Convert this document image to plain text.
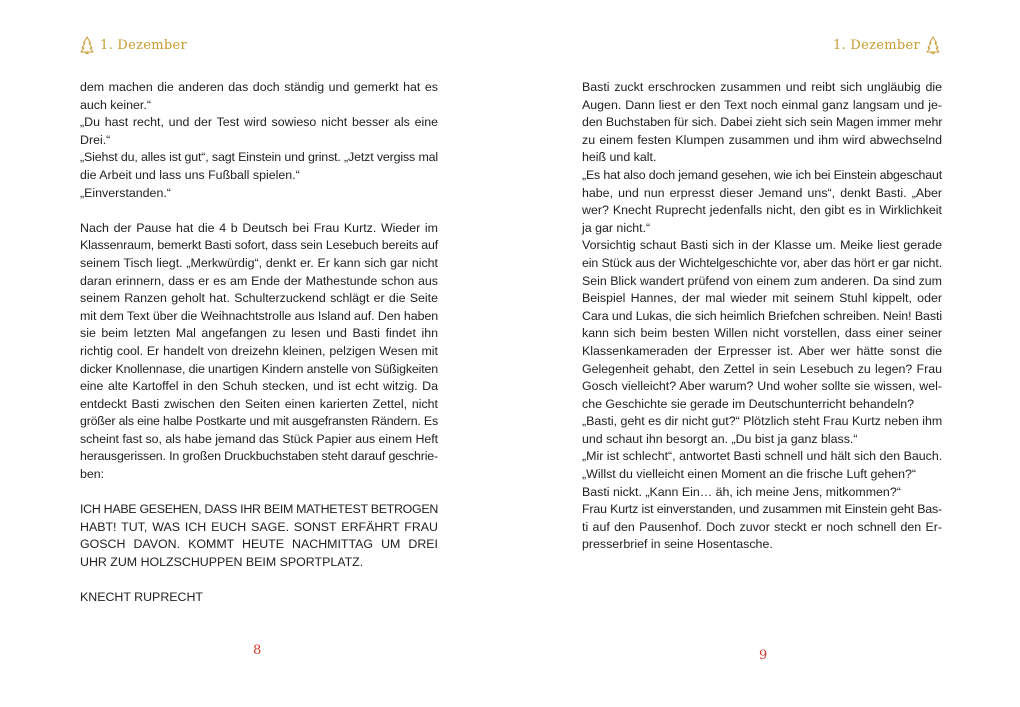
1. Dezember
dem machen die anderen das doch ständig und gemerkt hat es
auch keiner.“
„Du hast recht, und der Test wird sowieso nicht besser als eine
Drei.“
„Siehst du, alles ist gut“, sagt Einstein und grinst. „Jetzt vergiss mal
die Arbeit und lass uns Fußball spielen.“
„Einverstanden.“
Nach der Pause hat die 4 b Deutsch bei Frau Kurtz. Wieder im
Klassenraum, bemerkt Basti sofort, dass sein Lesebuch bereits auf
seinem Tisch liegt. „Merkwürdig“, denkt er. Er kann sich gar nicht
daran erinnern, dass er es am Ende der Mathestunde schon aus
seinem Ranzen geholt hat. Schulterzuckend schlägt er die Seite
mit dem Text über die Weihnachtstrolle aus Island auf. Den haben
sie beim letzten Mal angefangen zu lesen und Basti findet ihn
richtig cool. Er handelt von dreizehn kleinen, pelzigen Wesen mit
dicker Knollennase, die unartigen Kindern anstelle von Süßigkeiten
eine alte Kartoffel in den Schuh stecken, und ist echt witzig. Da
entdeckt Basti zwischen den Seiten einen karierten Zettel, nicht
größer als eine halbe Postkarte und mit ausgefransten Rändern. Es
scheint fast so, als habe jemand das Stück Papier aus einem Heft
herausgerissen. In großen Druckbuchstaben steht darauf geschrie-
ben:
ICH HABE GESEHEN, DASS IHR BEIM MATHETEST BETROGEN
HABT! TUT, WAS ICH EUCH SAGE. SONST ERFÄHRT FRAU
GOSCH DAVON. KOMMT HEUTE NACHMITTAG UM DREI
UHR ZUM HOLZSCHUPPEN BEIM SPORTPLATZ.
KNECHT RUPRECHT
8
1. Dezember
Basti zuckt erschrocken zusammen und reibt sich ungläubig die
Augen. Dann liest er den Text noch einmal ganz langsam und je-
den Buchstaben für sich. Dabei zieht sich sein Magen immer mehr
zu einem festen Klumpen zusammen und ihm wird abwechselnd
heiß und kalt.
„Es hat also doch jemand gesehen, wie ich bei Einstein abgeschaut
habe, und nun erpresst dieser Jemand uns“, denkt Basti. „Aber
wer? Knecht Ruprecht jedenfalls nicht, den gibt es in Wirklichkeit
ja gar nicht.“
Vorsichtig schaut Basti sich in der Klasse um. Meike liest gerade
ein Stück aus der Wichtelgeschichte vor, aber das hört er gar nicht.
Sein Blick wandert prüfend von einem zum anderen. Da sind zum
Beispiel Hannes, der mal wieder mit seinem Stuhl kippelt, oder
Cara und Lukas, die sich heimlich Briefchen schreiben. Nein! Basti
kann sich beim besten Willen nicht vorstellen, dass einer seiner
Klassenkameraden der Erpresser ist. Aber wer hätte sonst die
Gelegenheit gehabt, den Zettel in sein Lesebuch zu legen? Frau
Gosch vielleicht? Aber warum? Und woher sollte sie wissen, wel-
che Geschichte sie gerade im Deutschunterricht behandeln?
„Basti, geht es dir nicht gut?“ Plötzlich steht Frau Kurtz neben ihm
und schaut ihn besorgt an. „Du bist ja ganz blass.“
„Mir ist schlecht“, antwortet Basti schnell und hält sich den Bauch.
„Willst du vielleicht einen Moment an die frische Luft gehen?“
Basti nickt. „Kann Ein… äh, ich meine Jens, mitkommen?“
Frau Kurtz ist einverstanden, und zusammen mit Einstein geht Bas-
ti auf den Pausenhof. Doch zuvor steckt er noch schnell den Er-
presserbrief in seine Hosentasche.
9
